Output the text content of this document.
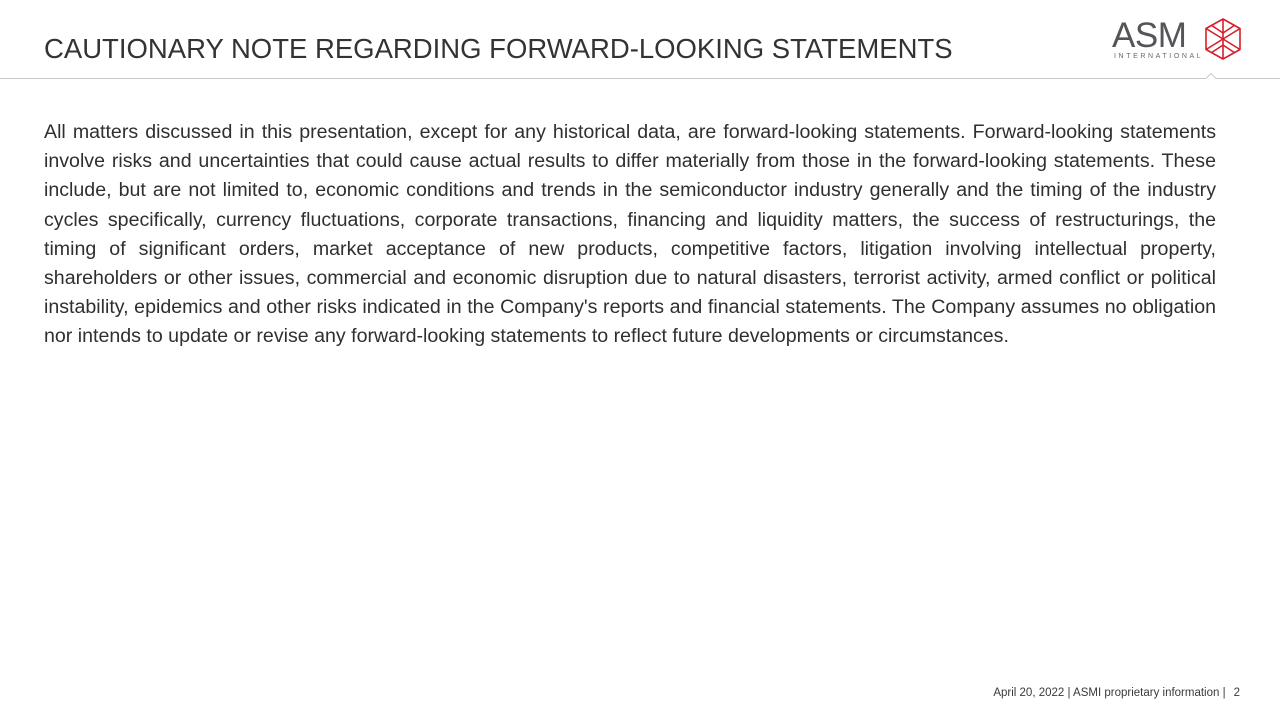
CAUTIONARY NOTE REGARDING FORWARD-LOOKING STATEMENTS	ASM
INTERNATIONAL

All matters discussed in this presentation, except for any historical data, are forward-looking statements. Forward-looking statements involve risks and uncertainties that could cause actual results to differ materially from those in the forward-looking statements. These include, but are not limited to, economic conditions and trends in the semiconductor industry generally and the timing of the industry cycles specifically, currency fluctuations, corporate transactions, financing and liquidity matters, the success of restructurings, the timing of significant orders, market acceptance of new products, competitive factors, litigation involving intellectual property, shareholders or other issues, commercial and economic disruption due to natural disasters, terrorist activity, armed conflict or political instability, epidemics and other risks indicated in the Company's reports and financial statements. The Company assumes no obligation nor intends to update or revise any forward-looking statements to reflect future developments or circumstances.

April 20, 2022 | ASMI proprietary information | 2
